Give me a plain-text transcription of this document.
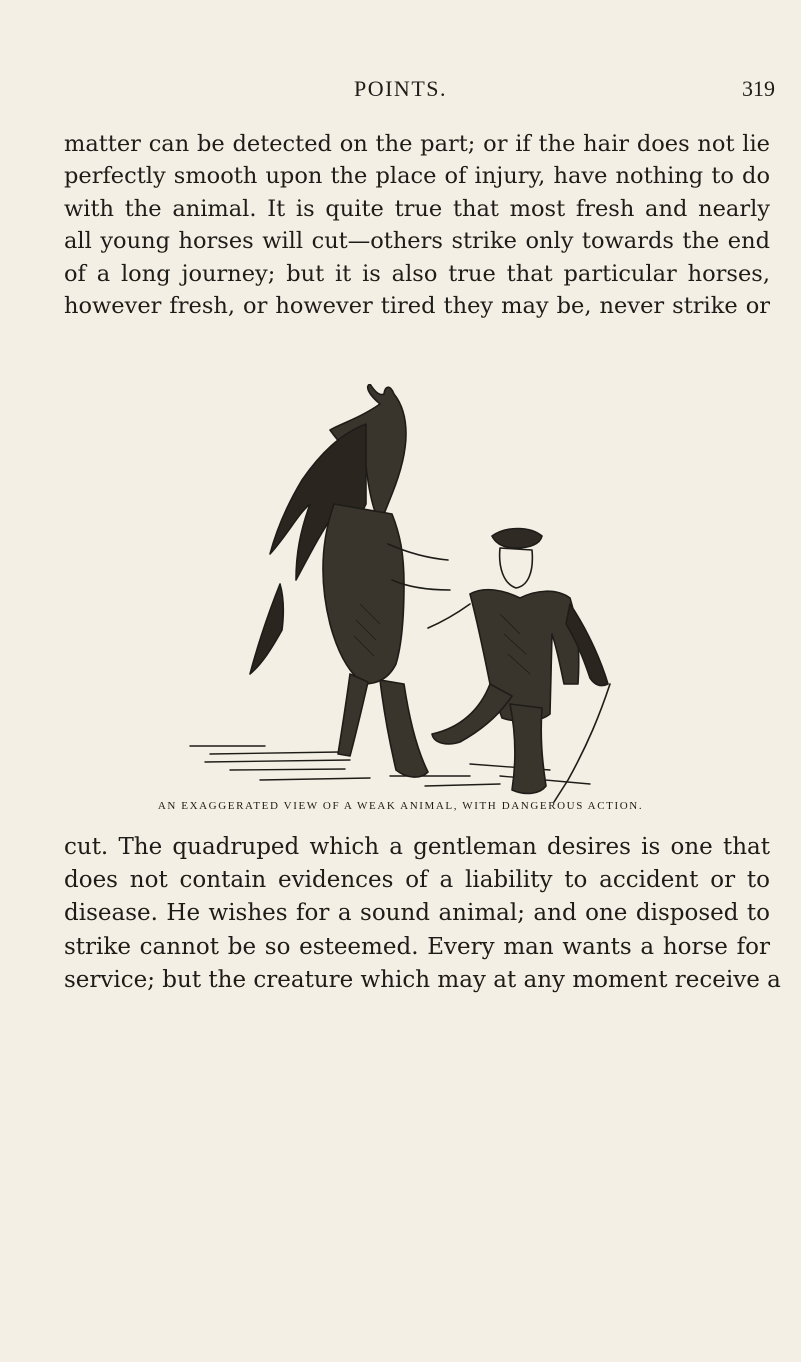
POINTS.	319
matter can be detected on the part; or if the hair does not lie
perfectly smooth upon the place of injury, have nothing to do
with the animal. It is quite true that most fresh and nearly
all young horses will cut—others strike only towards the end
of a long journey; but it is also true that particular horses,
however fresh, or however tired they may be, never strike or
AN EXAGGERATED VIEW OF A WEAK ANIMAL, WITH DANGEROUS ACTION.
cut. The quadruped which a gentleman desires is one that
does not contain evidences of a liability to accident or to
disease. He wishes for a sound animal; and one disposed to
strike cannot be so esteemed. Every man wants a horse for
service; but the creature which may at any moment receive a
